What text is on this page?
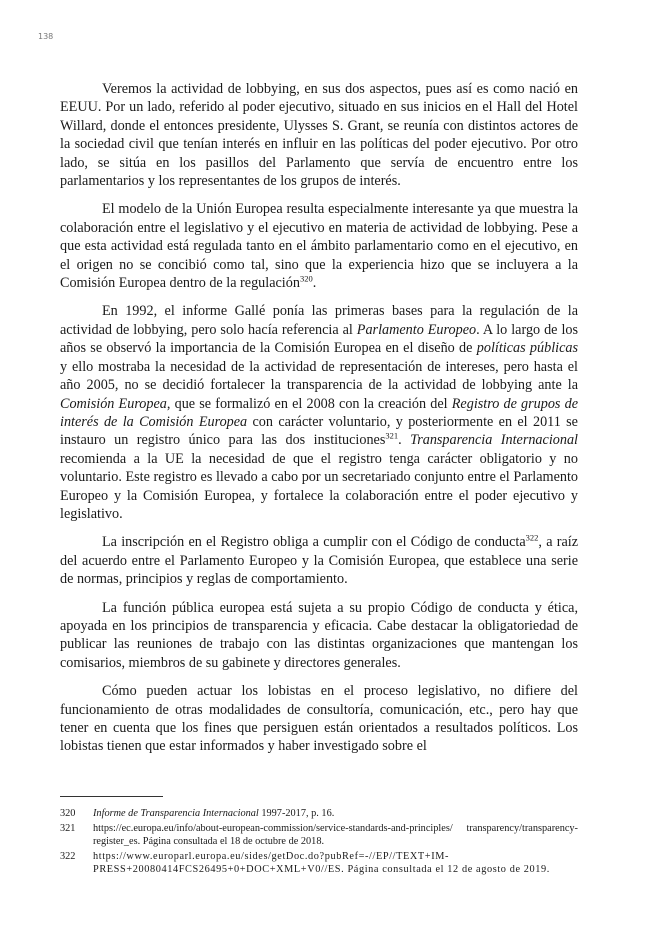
138

Veremos la actividad de lobbying, en sus dos aspectos, pues así es como nació en EEUU. Por un lado, referido al poder ejecutivo, situado en sus inicios en el Hall del Hotel Willard, donde el entonces presidente, Ulysses S. Grant, se reunía con distintos actores de la sociedad civil que tenían interés en influir en las políticas del poder ejecutivo. Por otro lado, se sitúa en los pasillos del Parlamento que servía de encuentro entre los parlamentarios y los representantes de los grupos de interés.

El modelo de la Unión Europea resulta especialmente interesante ya que muestra la colaboración entre el legislativo y el ejecutivo en materia de actividad de lobbying. Pese a que esta actividad está regulada tanto en el ámbito parlamentario como en el ejecutivo, en el origen no se concibió como tal, sino que la experiencia hizo que se incluyera a la Comisión Europea dentro de la regulación$^{320}$.

En 1992, el informe Gallé ponía las primeras bases para la regulación de la actividad de lobbying, pero solo hacía referencia al Parlamento Europeo. A lo largo de los años se observó la importancia de la Comisión Europea en el diseño de políticas públicas y ello mostraba la necesidad de la actividad de representación de intereses, pero hasta el año 2005, no se decidió fortalecer la transparencia de la actividad de lobbying ante la Comisión Europea, que se formalizó en el 2008 con la creación del Registro de grupos de interés de la Comisión Europea con carácter voluntario, y posteriormente en el 2011 se instauro un registro único para las dos instituciones$^{321}$. Transparencia Internacional recomienda a la UE la necesidad de que el registro tenga carácter obligatorio y no voluntario. Este registro es llevado a cabo por un secretariado conjunto entre el Parlamento Europeo y la Comisión Europea, y fortalece la colaboración entre el poder ejecutivo y legislativo.

La inscripción en el Registro obliga a cumplir con el Código de conducta$^{322}$, a raíz del acuerdo entre el Parlamento Europeo y la Comisión Europea, que establece una serie de normas, principios y reglas de comportamiento.

La función pública europea está sujeta a su propio Código de conducta y ética, apoyada en los principios de transparencia y eficacia. Cabe destacar la obligatoriedad de publicar las reuniones de trabajo con las distintas organizaciones que mantengan los comisarios, miembros de su gabinete y directores generales.

Cómo pueden actuar los lobistas en el proceso legislativo, no difiere del funcionamiento de otras modalidades de consultoría, comunicación, etc., pero hay que tener en cuenta que los fines que persiguen están orientados a resultados políticos. Los lobistas tienen que estar informados y haber investigado sobre el

320	Informe de Transparencia Internacional 1997-2017, p. 16.
321	https://ec.europa.eu/info/about-european-commission/service-standards-and-principles/ transparency/transparency-register_es. Página consultada el 18 de octubre de 2018.
322	https://www.europarl.europa.eu/sides/getDoc.do?pubRef=-//EP//TEXT+IM-PRESS+20080414FCS26495+0+DOC+XML+V0//ES. Página consultada el 12 de agosto de 2019.
